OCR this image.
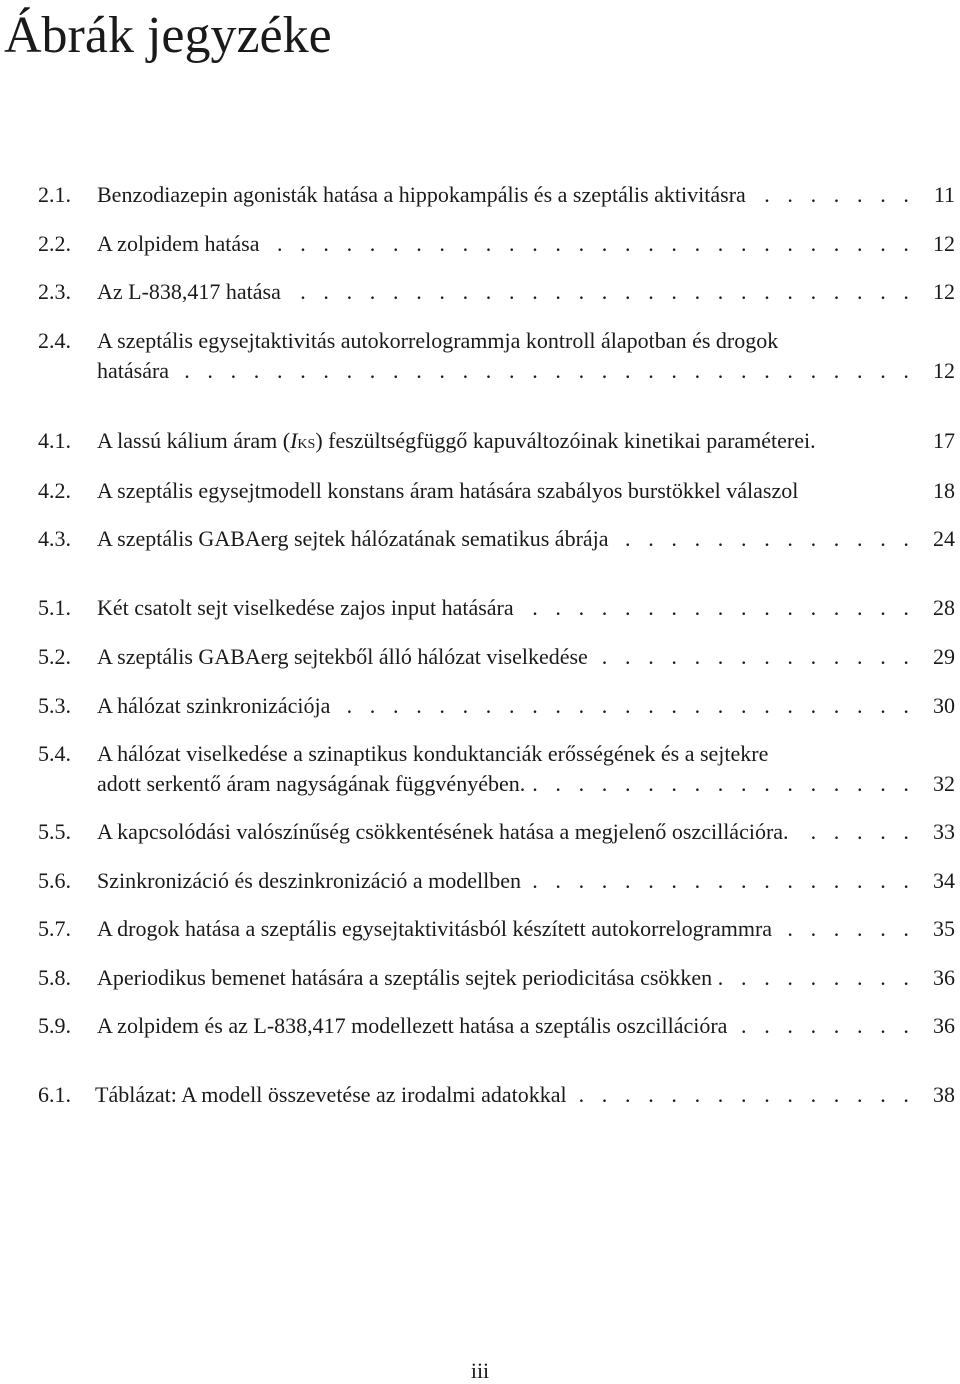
Ábrák jegyzéke
2.1.	Benzodiazepin agonisták hatása a hippokampális és a szeptális aktivitásra . . .	11
2.2.	A zolpidem hatása . . .	12
2.3.	Az L-838,417 hatása . . .	12
2.4.	A szeptális egysejtaktivitás autokorrelogrammja kontroll álapotban és drogok
hatására . . .	12
4.1.	A lassú kálium áram (IKS) feszültségfüggő kapuváltozóinak kinetikai paraméterei.	17
4.2.	A szeptális egysejtmodell konstans áram hatására szabályos burstökkel válaszol	18
4.3.	A szeptális GABAerg sejtek hálózatának sematikus ábrája . . .	24
5.1.	Két csatolt sejt viselkedése zajos input hatására . . .	28
5.2.	A szeptális GABAerg sejtekből álló hálózat viselkedése . . .	29
5.3.	A hálózat szinkronizációja . . .	30
5.4.	A hálózat viselkedése a szinaptikus konduktanciák erősségének és a sejtekre
adott serkentő áram nagyságának függvényében. . . .	32
5.5.	A kapcsolódási valószínűség csökkentésének hatása a megjelenő oszcillációra. . . .	33
5.6.	Szinkronizáció és deszinkronizáció a modellben . . .	34
5.7.	A drogok hatása a szeptális egysejtaktivitásból készített autokorrelogrammra . . .	35
5.8.	Aperiodikus bemenet hatására a szeptális sejtek periodicitása csökken . . .	36
5.9.	A zolpidem és az L-838,417 modellezett hatása a szeptális oszcillációra . . .	36
6.1.	Táblázat: A modell összevetése az irodalmi adatokkal . . .	38
iii
